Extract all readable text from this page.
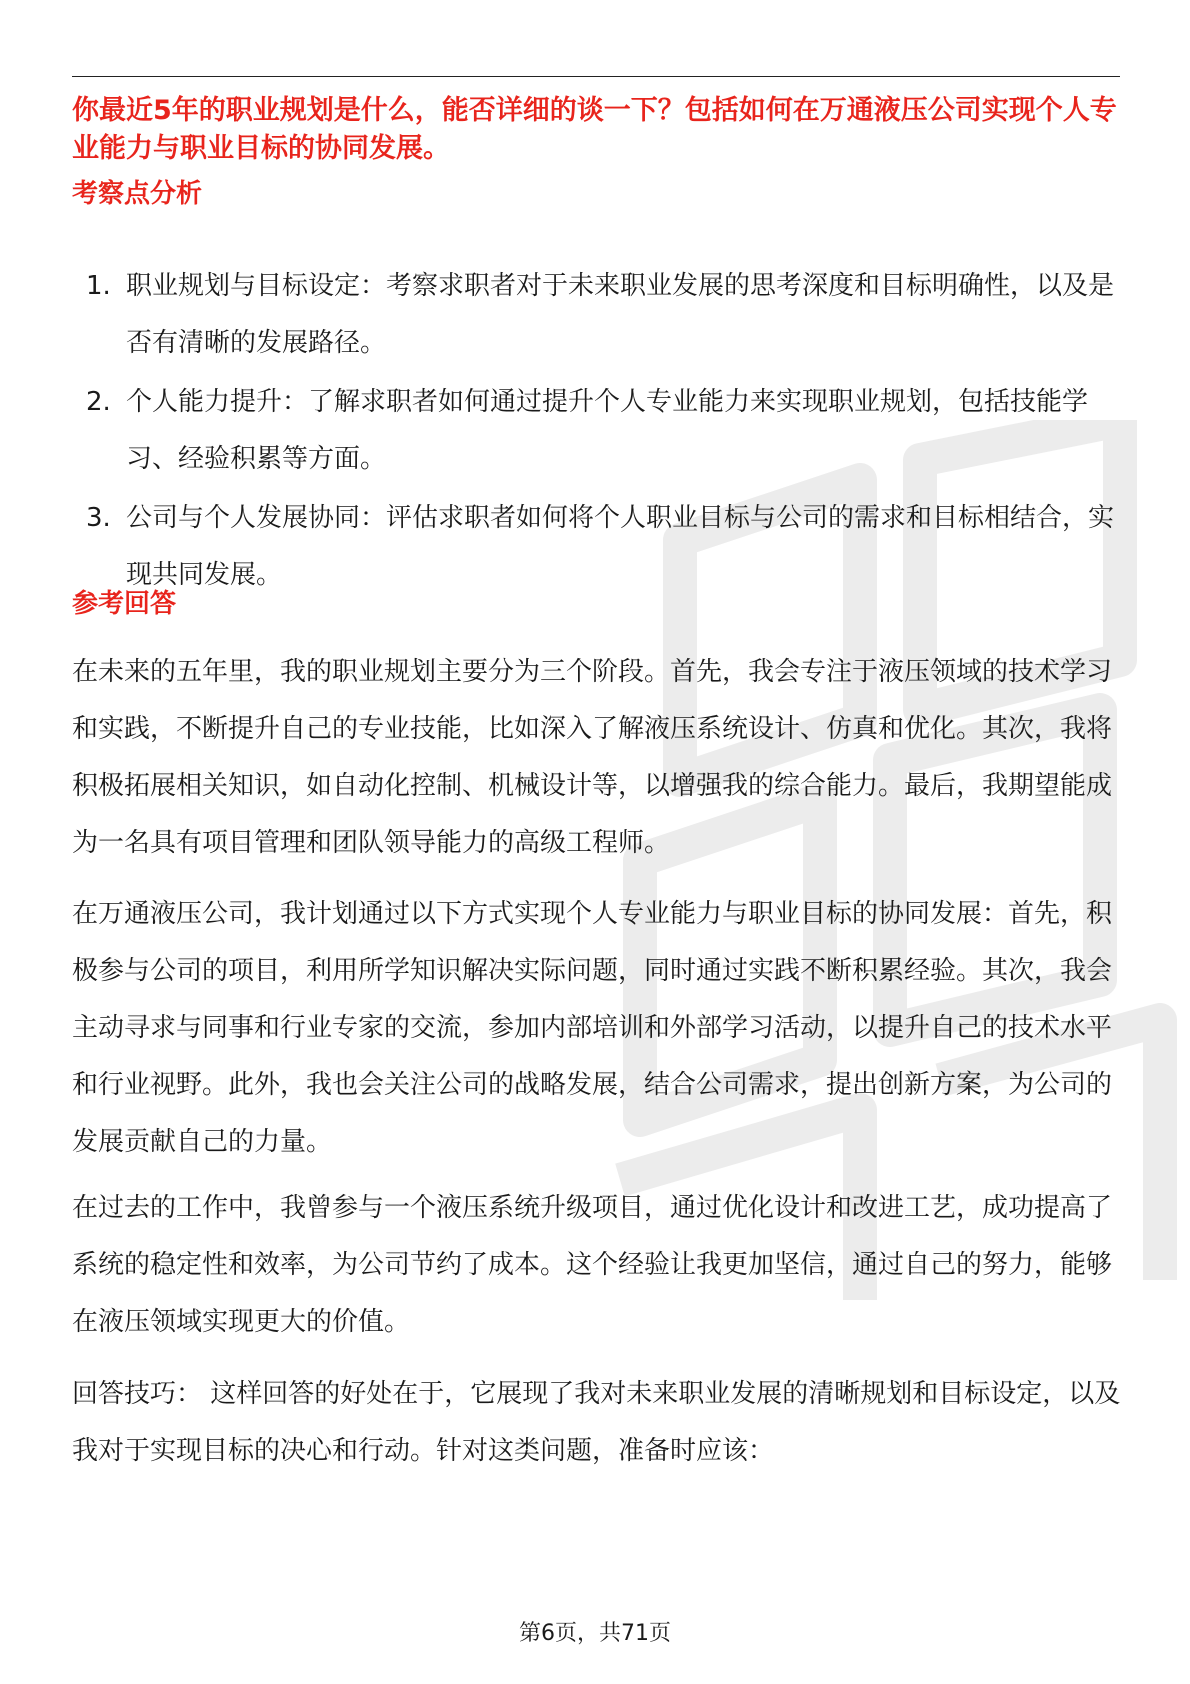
你最近5年的职业规划是什么，能否详细的谈一下？包括如何在万通液压公司实现个人专业能力与职业目标的协同发展。
考察点分析
1. 职业规划与目标设定：考察求职者对于未来职业发展的思考深度和目标明确性，以及是否有清晰的发展路径。
2. 个人能力提升：了解求职者如何通过提升个人专业能力来实现职业规划，包括技能学习、经验积累等方面。
3. 公司与个人发展协同：评估求职者如何将个人职业目标与公司的需求和目标相结合，实现共同发展。
参考回答

在未来的五年里，我的职业规划主要分为三个阶段。首先，我会专注于液压领域的技术学习和实践，不断提升自己的专业技能，比如深入了解液压系统设计、仿真和优化。其次，我将积极拓展相关知识，如自动化控制、机械设计等，以增强我的综合能力。最后，我期望能成为一名具有项目管理和团队领导能力的高级工程师。

在万通液压公司，我计划通过以下方式实现个人专业能力与职业目标的协同发展：首先，积极参与公司的项目，利用所学知识解决实际问题，同时通过实践不断积累经验。其次，我会主动寻求与同事和行业专家的交流，参加内部培训和外部学习活动，以提升自己的技术水平和行业视野。此外，我也会关注公司的战略发展，结合公司需求，提出创新方案，为公司的发展贡献自己的力量。

在过去的工作中，我曾参与一个液压系统升级项目，通过优化设计和改进工艺，成功提高了系统的稳定性和效率，为公司节约了成本。这个经验让我更加坚信，通过自己的努力，能够在液压领域实现更大的价值。

回答技巧： 这样回答的好处在于，它展现了我对未来职业发展的清晰规划和目标设定，以及我对于实现目标的决心和行动。针对这类问题，准备时应该：

第6页，共71页
